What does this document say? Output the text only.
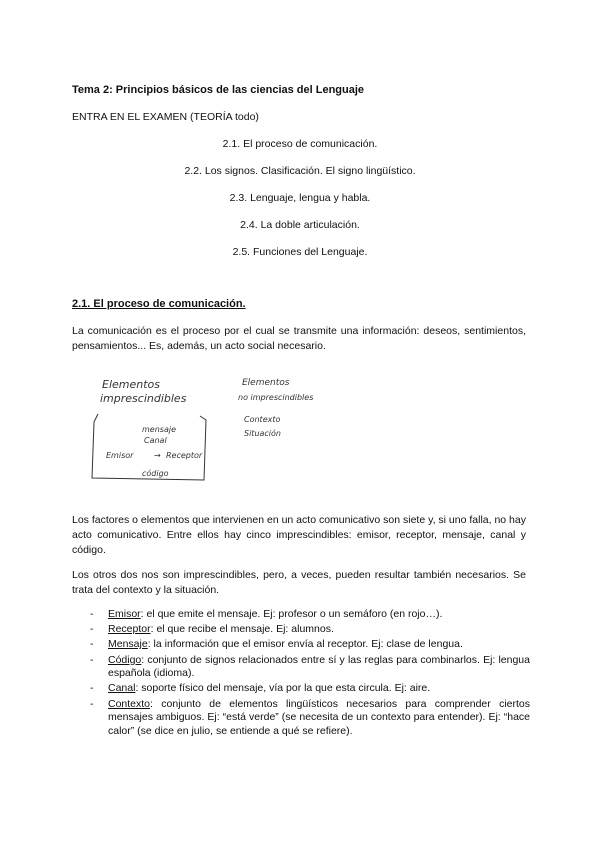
Tema 2: Principios básicos de las ciencias del Lenguaje
ENTRA EN EL EXAMEN (TEORÍA todo)
2.1. El proceso de comunicación.
2.2. Los signos. Clasificación. El signo lingüístico.
2.3. Lenguaje, lengua y habla.
2.4. La doble articulación.
2.5. Funciones del Lenguaje.
2.1. El proceso de comunicación.
La comunicación es el proceso por el cual se transmite una información: deseos, sentimientos, pensamientos... Es, además, un acto social necesario.
Elementos
imprescindibles
mensaje
Canal
Emisor	→ Receptor
código
Elementos
no imprescindibles
Contexto
Situación
Los factores o elementos que intervienen en un acto comunicativo son siete y, si uno falla, no hay acto comunicativo. Entre ellos hay cinco imprescindibles: emisor, receptor, mensaje, canal y código.
Los otros dos nos son imprescindibles, pero, a veces, pueden resultar también necesarios. Se trata del contexto y la situación.
- Emisor: el que emite el mensaje. Ej: profesor o un semáforo (en rojo…).
- Receptor: el que recibe el mensaje. Ej: alumnos.
- Mensaje: la información que el emisor envía al receptor. Ej: clase de lengua.
- Código: conjunto de signos relacionados entre sí y las reglas para combinarlos. Ej: lengua española (idioma).
- Canal: soporte físico del mensaje, vía por la que esta circula. Ej: aire.
- Contexto: conjunto de elementos lingüísticos necesarios para comprender ciertos mensajes ambiguos. Ej: “está verde” (se necesita de un contexto para entender). Ej: “hace calor” (se dice en julio, se entiende a qué se refiere).
